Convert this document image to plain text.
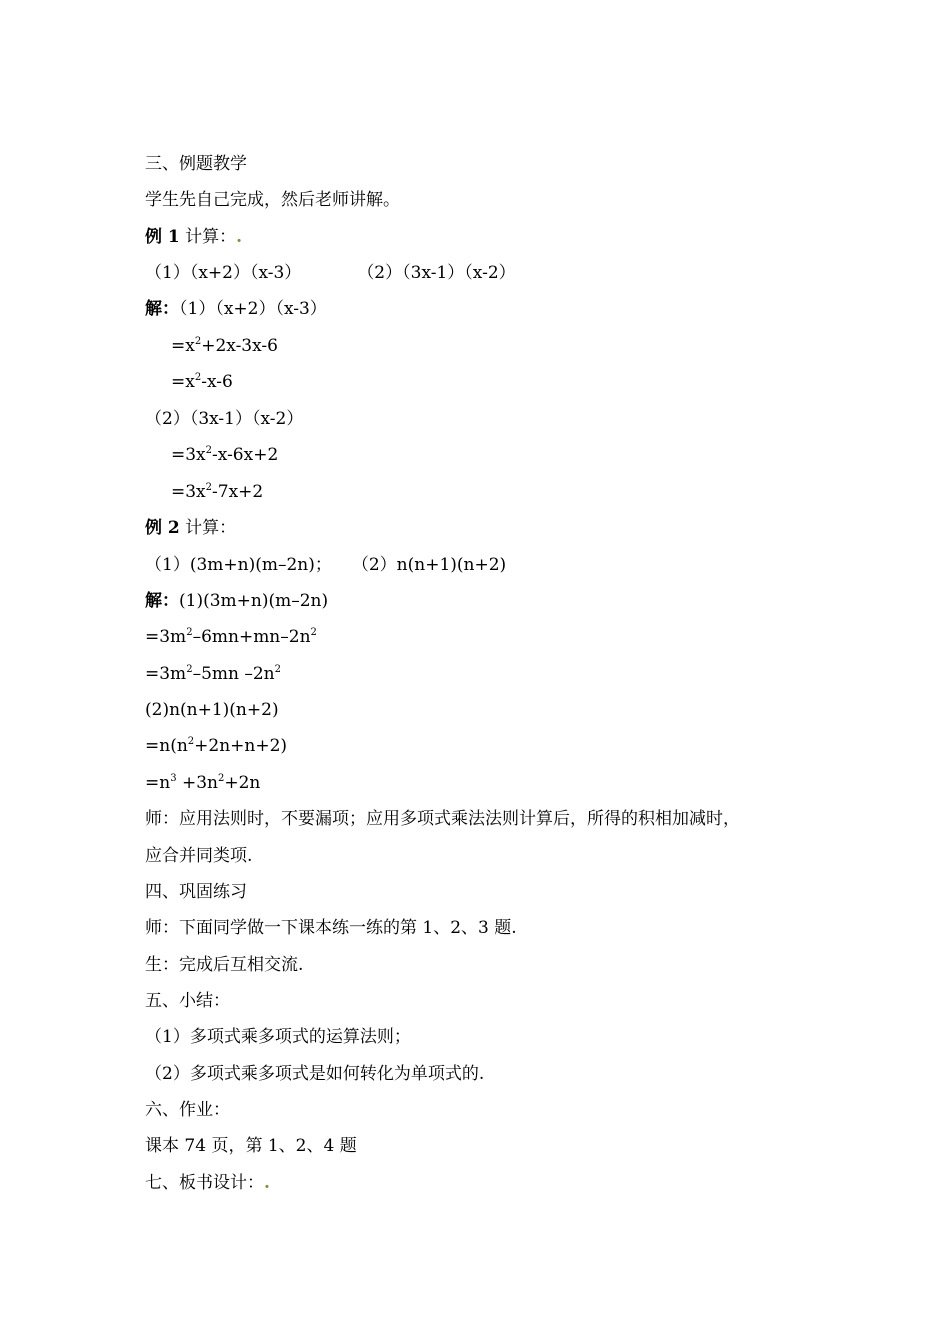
三、例题教学
学生先自己完成，然后老师讲解。
例 1 计算：.
（1）（x+2）（x-3）	（2）（3x-1）（x-2）
解：（1）（x+2）（x-3）
$=x^2+2x-3x-6$
$=x^2-x-6$
（2）（3x-1）（x-2）
$=3x^2-x-6x+2$
$=3x^2-7x+2$
例 2 计算：
（1）(3m+n)(m–2n)； （2）n(n+1)(n+2)
解：(1)(3m+n)(m–2n)
$=3m^2-6mn+mn-2n^2$
$=3m^2-5mn$ $-2n^2$
(2)n(n+1)(n+2)
$=n(n^2+2n+n+2)$
$=n^3 +3n^2+2n$
师：应用法则时，不要漏项；应用多项式乘法法则计算后，所得的积相加减时，
应合并同类项.
四、巩固练习
师：下面同学做一下课本练一练的第 1、2、3 题.
生：完成后互相交流.
五、小结：
（1）多项式乘多项式的运算法则；
（2）多项式乘多项式是如何转化为单项式的.
六、作业：
课本 74 页，第 1、2、4 题
七、板书设计：.
